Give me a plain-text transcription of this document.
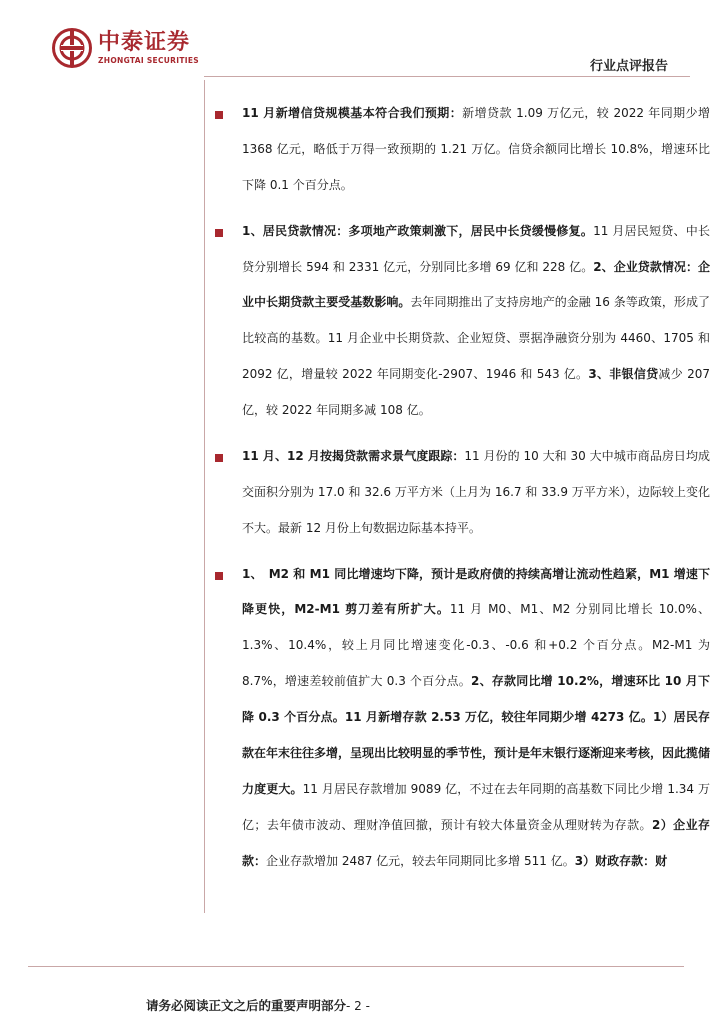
中泰证券
ZHONGTAI SECURITIES	行业点评报告
11 月新增信贷规模基本符合我们预期：新增贷款 1.09 万亿元，较 2022 年同期少增 1368 亿元，略低于万得一致预期的 1.21 万亿。信贷余额同比增长 10.8%，增速环比下降 0.1 个百分点。
1、居民贷款情况：多项地产政策刺激下，居民中长贷缓慢修复。11 月居民短贷、中长贷分别增长 594 和 2331 亿元，分别同比多增 69 亿和 228 亿。2、企业贷款情况：企业中长期贷款主要受基数影响。去年同期推出了支持房地产的金融 16 条等政策，形成了比较高的基数。11 月企业中长期贷款、企业短贷、票据净融资分别为 4460、1705 和 2092 亿，增量较 2022 年同期变化-2907、1946 和 543 亿。3、非银信贷减少 207 亿，较 2022 年同期多减 108 亿。
11 月、12 月按揭贷款需求景气度跟踪：11 月份的 10 大和 30 大中城市商品房日均成交面积分别为 17.0 和 32.6 万平方米（上月为 16.7 和 33.9 万平方米），边际较上变化不大。最新 12 月份上旬数据边际基本持平。
1、　M2 和 M1 同比增速均下降，预计是政府债的持续高增让流动性趋紧，M1 增速下降更快，M2-M1 剪刀差有所扩大。11 月 M0、M1、M2 分别同比增长 10.0%、1.3%、10.4%，较上月同比增速变化-0.3、-0.6 和+0.2 个百分点。M2-M1 为 8.7%，增速差较前值扩大 0.3 个百分点。2、存款同比增 10.2%，增速环比 10 月下降 0.3 个百分点。11 月新增存款 2.53 万亿，较往年同期少增 4273 亿。1）居民存款在年末往往多增，呈现出比较明显的季节性，预计是年末银行逐渐迎来考核，因此揽储力度更大。11 月居民存款增加 9089 亿，不过在去年同期的高基数下同比少增 1.34 万亿；去年债市波动、理财净值回撤，预计有较大体量资金从理财转为存款。2）企业存款：企业存款增加 2487 亿元，较去年同期同比多增 511 亿。3）财政存款：财
请务必阅读正文之后的重要声明部分- 2 -
